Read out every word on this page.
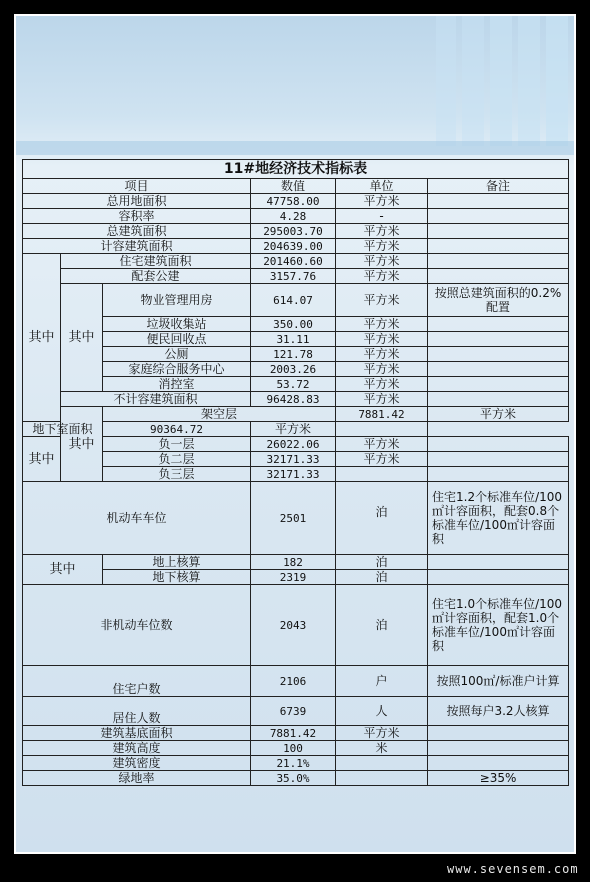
11#地经济技术指标表						
项目			数值	单位	备注	
总用地面积			47758.00	平方米		
容积率			4.28	-		
总建筑面积			295003.70	平方米		
计容建筑面积			204639.00	平方米		
其中	住宅建筑面积		201460.60	平方米		
	配套公建		3157.76	平方米		
	其中	物业管理用房	614.07	平方米	按照总建筑面积的0.2%配置	
		垃圾收集站	350.00	平方米		
		便民回收点	31.11	平方米		
		公厕	121.78	平方米		
		家庭综合服务中心	2003.26	平方米		
		消控室	53.72	平方米		
	不计容建筑面积		96428.83	平方米		
	其中	架空层		7881.42	平方米	
地下室面积		90364.72	平方米			
其中		负一层	26022.06	平方米		
		负二层	32171.33	平方米		
		负三层	32171.33			
机动车车位			2501	泊	住宅1.2个标准车位/100㎡计容面积，配套0.8个标准车位/100㎡计容面积	
其中		地上核算	182	泊		
		地下核算	2319	泊		
非机动车位数			2043	泊	住宅1.0个标准车位/100㎡计容面积，配套1.0个标准车位/100㎡计容面积	
住宅户数			2106	户	按照100㎡/标准户计算	
居住人数			6739	人	按照每户3.2人核算	
建筑基底面积			7881.42	平方米		
建筑高度			100	米		
建筑密度			21.1%			
绿地率			35.0%		≥35%	
www.sevensem.com
